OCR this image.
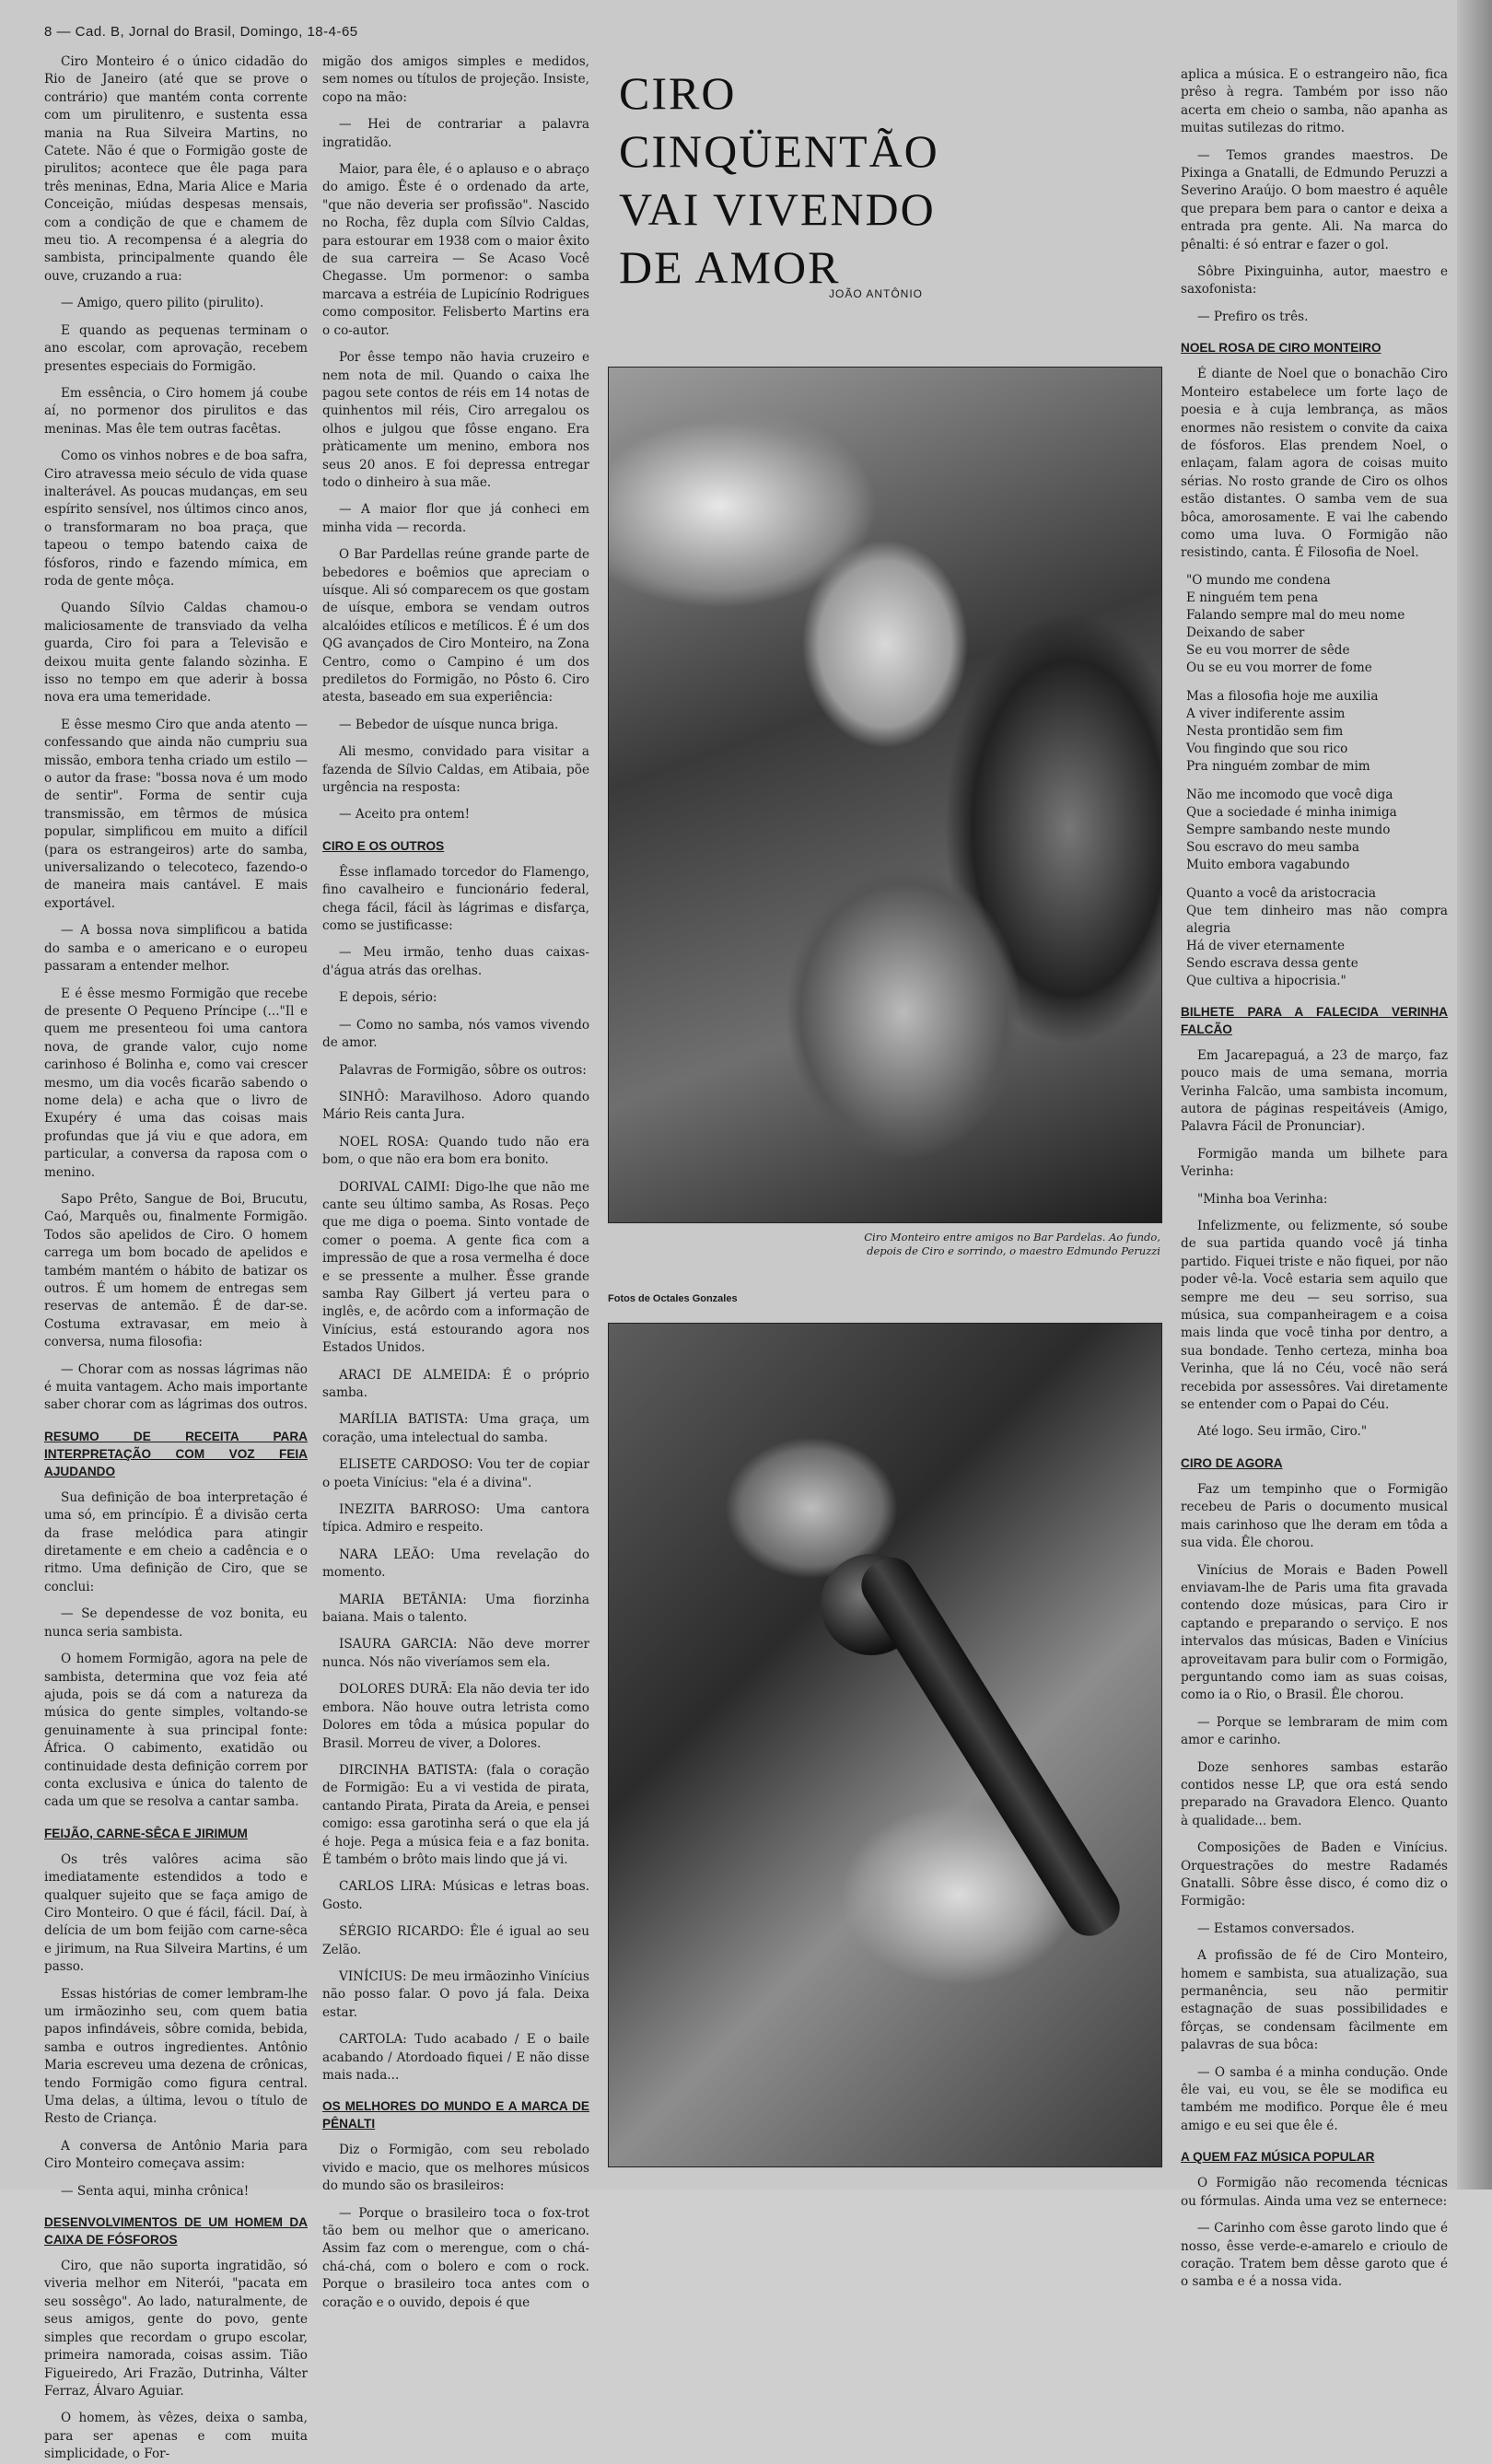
8 — Cad. B, Jornal do Brasil, Domingo, 18-4-65

Ciro Monteiro é o único cidadão do Rio de Janeiro (até que se prove o contrário) que mantém conta corrente com um pirulitenro, e sustenta essa mania na Rua Silveira Martins, no Catete. Não é que o Formigão goste de pirulitos; acontece que êle paga para três meninas, Edna, Maria Alice e Maria Conceição, miúdas despesas mensais, com a condição de que e chamem de meu tio. A recompensa é a alegria do sambista, principalmente quando êle ouve, cruzando a rua:

— Amigo, quero pilito (pirulito).

E quando as pequenas terminam o ano escolar, com aprovação, recebem presentes especiais do Formigão.

Em essência, o Ciro homem já coube aí, no pormenor dos pirulitos e das meninas. Mas êle tem outras facêtas.

Como os vinhos nobres e de boa safra, Ciro atravessa meio século de vida quase inalterável. As poucas mudanças, em seu espírito sensível, nos últimos cinco anos, o transformaram no boa praça, que tapeou o tempo batendo caixa de fósforos, rindo e fazendo mímica, em roda de gente môça.

Quando Sílvio Caldas chamou-o maliciosamente de transviado da velha guarda, Ciro foi para a Televisão e deixou muita gente falando sòzinha. E isso no tempo em que aderir à bossa nova era uma temeridade.

E êsse mesmo Ciro que anda atento — confessando que ainda não cumpriu sua missão, embora tenha criado um estilo — o autor da frase: "bossa nova é um modo de sentir". Forma de sentir cuja transmissão, em têrmos de música popular, simplificou em muito a difícil (para os estrangeiros) arte do samba, universalizando o telecoteco, fazendo-o de maneira mais cantável. E mais exportável.

— A bossa nova simplificou a batida do samba e o americano e o europeu passaram a entender melhor.

E é êsse mesmo Formigão que recebe de presente O Pequeno Príncipe (..."Il e quem me presenteou foi uma cantora nova, de grande valor, cujo nome carinhoso é Bolinha e, como vai crescer mesmo, um dia vocês ficarão sabendo o nome dela) e acha que o livro de Exupéry é uma das coisas mais profundas que já viu e que adora, em particular, a conversa da raposa com o menino.

Sapo Prêto, Sangue de Boi, Brucutu, Caó, Marquês ou, finalmente Formigão. Todos são apelidos de Ciro. O homem carrega um bom bocado de apelidos e também mantém o hábito de batizar os outros. É um homem de entregas sem reservas de antemão. É de dar-se. Costuma extravasar, em meio à conversa, numa filosofia:

— Chorar com as nossas lágrimas não é muita vantagem. Acho mais importante saber chorar com as lágrimas dos outros.

RESUMO DE RECEITA PARA INTERPRETAÇÃO COM VOZ FEIA AJUDANDO

Sua definição de boa interpretação é uma só, em princípio. É a divisão certa da frase melódica para atingir diretamente e em cheio a cadência e o ritmo. Uma definição de Ciro, que se conclui:

— Se dependesse de voz bonita, eu nunca seria sambista.

O homem Formigão, agora na pele de sambista, determina que voz feia até ajuda, pois se dá com a natureza da música do gente simples, voltando-se genuinamente à sua principal fonte: África. O cabimento, exatidão ou continuidade desta definição correm por conta exclusiva e única do talento de cada um que se resolva a cantar samba.

FEIJÃO, CARNE-SÊCA E JIRIMUM

Os três valôres acima são imediatamente estendidos a todo e qualquer sujeito que se faça amigo de Ciro Monteiro. O que é fácil, fácil. Daí, à delícia de um bom feijão com carne-sêca e jirimum, na Rua Silveira Martins, é um passo.

Essas histórias de comer lembram-lhe um irmãozinho seu, com quem batia papos infindáveis, sôbre comida, bebida, samba e outros ingredientes. Antônio Maria escreveu uma dezena de crônicas, tendo Formigão como figura central. Uma delas, a última, levou o título de Resto de Criança.

A conversa de Antônio Maria para Ciro Monteiro começava assim:

— Senta aqui, minha crônica!

DESENVOLVIMENTOS DE UM HOMEM DA CAIXA DE FÓSFOROS

Ciro, que não suporta ingratidão, só viveria melhor em Niterói, "pacata em seu sossêgo". Ao lado, naturalmente, de seus amigos, gente do povo, gente simples que recordam o grupo escolar, primeira namorada, coisas assim. Tião Figueiredo, Ari Frazão, Dutrinha, Válter Ferraz, Álvaro Aguiar.

O homem, às vêzes, deixa o samba, para ser apenas e com muita simplicidade, o For-

migão dos amigos simples e medidos, sem nomes ou títulos de projeção. Insiste, copo na mão:

— Hei de contrariar a palavra ingratidão.

Maior, para êle, é o aplauso e o abraço do amigo. Êste é o ordenado da arte, "que não deveria ser profissão". Nascido no Rocha, fêz dupla com Sílvio Caldas, para estourar em 1938 com o maior êxito de sua carreira — Se Acaso Você Chegasse. Um pormenor: o samba marcava a estréia de Lupicínio Rodrigues como compositor. Felisberto Martins era o co-autor.

Por êsse tempo não havia cruzeiro e nem nota de mil. Quando o caixa lhe pagou sete contos de réis em 14 notas de quinhentos mil réis, Ciro arregalou os olhos e julgou que fôsse engano. Era pràticamente um menino, embora nos seus 20 anos. E foi depressa entregar todo o dinheiro à sua mãe.

— A maior flor que já conheci em minha vida — recorda.

O Bar Pardellas reúne grande parte de bebedores e boêmios que apreciam o uísque. Ali só comparecem os que gostam de uísque, embora se vendam outros alcalóides etílicos e metílicos. É é um dos QG avançados de Ciro Monteiro, na Zona Centro, como o Campino é um dos prediletos do Formigão, no Pôsto 6. Ciro atesta, baseado em sua experiência:

— Bebedor de uísque nunca briga.

Ali mesmo, convidado para visitar a fazenda de Sílvio Caldas, em Atibaia, põe urgência na resposta:

— Aceito pra ontem!

CIRO E OS OUTROS

Êsse inflamado torcedor do Flamengo, fino cavalheiro e funcionário federal, chega fácil, fácil às lágrimas e disfarça, como se justificasse:

— Meu irmão, tenho duas caixas-d'água atrás das orelhas.

E depois, sério:

— Como no samba, nós vamos vivendo de amor.

Palavras de Formigão, sôbre os outros:

SINHÔ: Maravilhoso. Adoro quando Mário Reis canta Jura.

NOEL ROSA: Quando tudo não era bom, o que não era bom era bonito.

DORIVAL CAIMI: Digo-lhe que não me cante seu último samba, As Rosas. Peço que me diga o poema. Sinto vontade de comer o poema. A gente fica com a impressão de que a rosa vermelha é doce e se pressente a mulher. Êsse grande samba Ray Gilbert já verteu para o inglês, e, de acôrdo com a informação de Vinícius, está estourando agora nos Estados Unidos.

ARACI DE ALMEIDA: É o próprio samba.

MARÍLIA BATISTA: Uma graça, um coração, uma intelectual do samba.

ELISETE CARDOSO: Vou ter de copiar o poeta Vinícius: "ela é a divina".

INEZITA BARROSO: Uma cantora típica. Admiro e respeito.

NARA LEÃO: Uma revelação do momento.

MARIA BETÂNIA: Uma fiorzinha baiana. Mais o talento.

ISAURA GARCIA: Não deve morrer nunca. Nós não viveríamos sem ela.

DOLORES DURÃ: Ela não devia ter ido embora. Não houve outra letrista como Dolores em tôda a música popular do Brasil. Morreu de viver, a Dolores.

DIRCINHA BATISTA: (fala o coração de Formigão: Eu a vi vestida de pirata, cantando Pirata, Pirata da Areia, e pensei comigo: essa garotinha será o que ela já é hoje. Pega a música feia e a faz bonita. É também o brôto mais lindo que já vi.

CARLOS LIRA: Músicas e letras boas. Gosto.

SÉRGIO RICARDO: Êle é igual ao seu Zelão.

VINÍCIUS: De meu irmãozinho Vinícius não posso falar. O povo já fala. Deixa estar.

CARTOLA: Tudo acabado / E o baile acabando / Atordoado fiquei / E não disse mais nada...

OS MELHORES DO MUNDO E A MARCA DE PÊNALTI

Diz o Formigão, com seu rebolado vivido e macio, que os melhores músicos do mundo são os brasileiros:

— Porque o brasileiro toca o fox-trot tão bem ou melhor que o americano. Assim faz com o merengue, com o chá-chá-chá, com o bolero e com o rock. Porque o brasileiro toca antes com o coração e o ouvido, depois é que

CIRO
CINQÜENTÃO
VAI VIVENDO
DE AMOR
JOÃO ANTÔNIO
Ciro Monteiro entre amigos no Bar Pardelas. Ao fundo, depois de Ciro e sorrindo, o maestro Edmundo Peruzzi
Fotos de Octales Gonzales

aplica a música. E o estrangeiro não, fica prêso à regra. Também por isso não acerta em cheio o samba, não apanha as muitas sutilezas do ritmo.

— Temos grandes maestros. De Pixinga a Gnatalli, de Edmundo Peruzzi a Severino Araújo. O bom maestro é aquêle que prepara bem para o cantor e deixa a entrada pra gente. Ali. Na marca do pênalti: é só entrar e fazer o gol.

Sôbre Pixinguinha, autor, maestro e saxofonista:

— Prefiro os três.

NOEL ROSA DE CIRO MONTEIRO

É diante de Noel que o bonachão Ciro Monteiro estabelece um forte laço de poesia e à cuja lembrança, as mãos enormes não resistem o convite da caixa de fósforos. Elas prendem Noel, o enlaçam, falam agora de coisas muito sérias. No rosto grande de Ciro os olhos estão distantes. O samba vem de sua bôca, amorosamente. E vai lhe cabendo como uma luva. O Formigão não resistindo, canta. É Filosofia de Noel.

"O mundo me condena
E ninguém tem pena
Falando sempre mal do meu nome
Deixando de saber
Se eu vou morrer de sêde
Ou se eu vou morrer de fome
Mas a filosofia hoje me auxilia
A viver indiferente assim
Nesta prontidão sem fim
Vou fingindo que sou rico
Pra ninguém zombar de mim
Não me incomodo que você diga
Que a sociedade é minha inimiga
Sempre sambando neste mundo
Sou escravo do meu samba
Muito embora vagabundo
Quanto a você da aristocracia
Que tem dinheiro mas não compra alegria
Há de viver eternamente
Sendo escrava dessa gente
Que cultiva a hipocrisia."
BILHETE PARA A FALECIDA VERINHA FALCÃO

Em Jacarepaguá, a 23 de março, faz pouco mais de uma semana, morria Verinha Falcão, uma sambista incomum, autora de páginas respeitáveis (Amigo, Palavra Fácil de Pronunciar).

Formigão manda um bilhete para Verinha:

"Minha boa Verinha:

Infelizmente, ou felizmente, só soube de sua partida quando você já tinha partido. Fiquei triste e não fiquei, por não poder vê-la. Você estaria sem aquilo que sempre me deu — seu sorriso, sua música, sua companheiragem e a coisa mais linda que você tinha por dentro, a sua bondade. Tenho certeza, minha boa Verinha, que lá no Céu, você não será recebida por assessôres. Vai diretamente se entender com o Papai do Céu.

Até logo. Seu irmão, Ciro."

CIRO DE AGORA

Faz um tempinho que o Formigão recebeu de Paris o documento musical mais carinhoso que lhe deram em tôda a sua vida. Êle chorou.

Vinícius de Morais e Baden Powell enviavam-lhe de Paris uma fita gravada contendo doze músicas, para Ciro ir captando e preparando o serviço. E nos intervalos das músicas, Baden e Vinícius aproveitavam para bulir com o Formigão, perguntando como iam as suas coisas, como ia o Rio, o Brasil. Êle chorou.

— Porque se lembraram de mim com amor e carinho.

Doze senhores sambas estarão contidos nesse LP, que ora está sendo preparado na Gravadora Elenco. Quanto à qualidade... bem.

Composições de Baden e Vinícius. Orquestrações do mestre Radamés Gnatalli. Sôbre êsse disco, é como diz o Formigão:

— Estamos conversados.

A profissão de fé de Ciro Monteiro, homem e sambista, sua atualização, sua permanência, seu não permitir estagnação de suas possibilidades e fôrças, se condensam fàcilmente em palavras de sua bôca:

— O samba é a minha condução. Onde êle vai, eu vou, se êle se modifica eu também me modifico. Porque êle é meu amigo e eu sei que êle é.

A QUEM FAZ MÚSICA POPULAR

O Formigão não recomenda técnicas ou fórmulas. Ainda uma vez se enternece:

— Carinho com êsse garoto lindo que é nosso, êsse verde-e-amarelo e crioulo de coração. Tratem bem dêsse garoto que é o samba e é a nossa vida.
